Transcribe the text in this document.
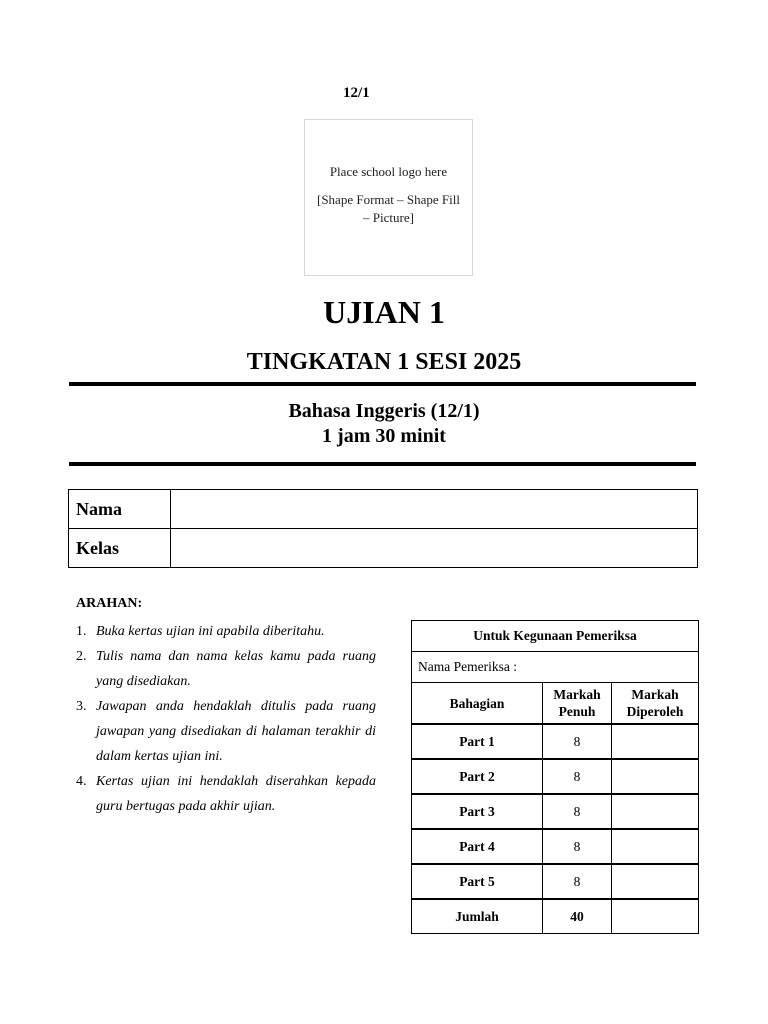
12/1
Place school logo here
[Shape Format – Shape Fill – Picture]
UJIAN 1
TINGKATAN 1 SESI 2025
Bahasa Inggeris (12/1)
1 jam 30 minit
Nama	
Kelas	
ARAHAN:
1. Buka kertas ujian ini apabila diberitahu.
2. Tulis nama dan nama kelas kamu pada ruang yang disediakan.
3. Jawapan anda hendaklah ditulis pada ruang jawapan yang disediakan di halaman terakhir di dalam kertas ujian ini.
4. Kertas ujian ini hendaklah diserahkan kepada guru bertugas pada akhir ujian.
Untuk Kegunaan Pemeriksa		
Nama Pemeriksa :		
Bahagian	Markah Penuh	Markah Diperoleh
Part 1	8	
Part 2	8	
Part 3	8	
Part 4	8	
Part 5	8	
Jumlah	40	
